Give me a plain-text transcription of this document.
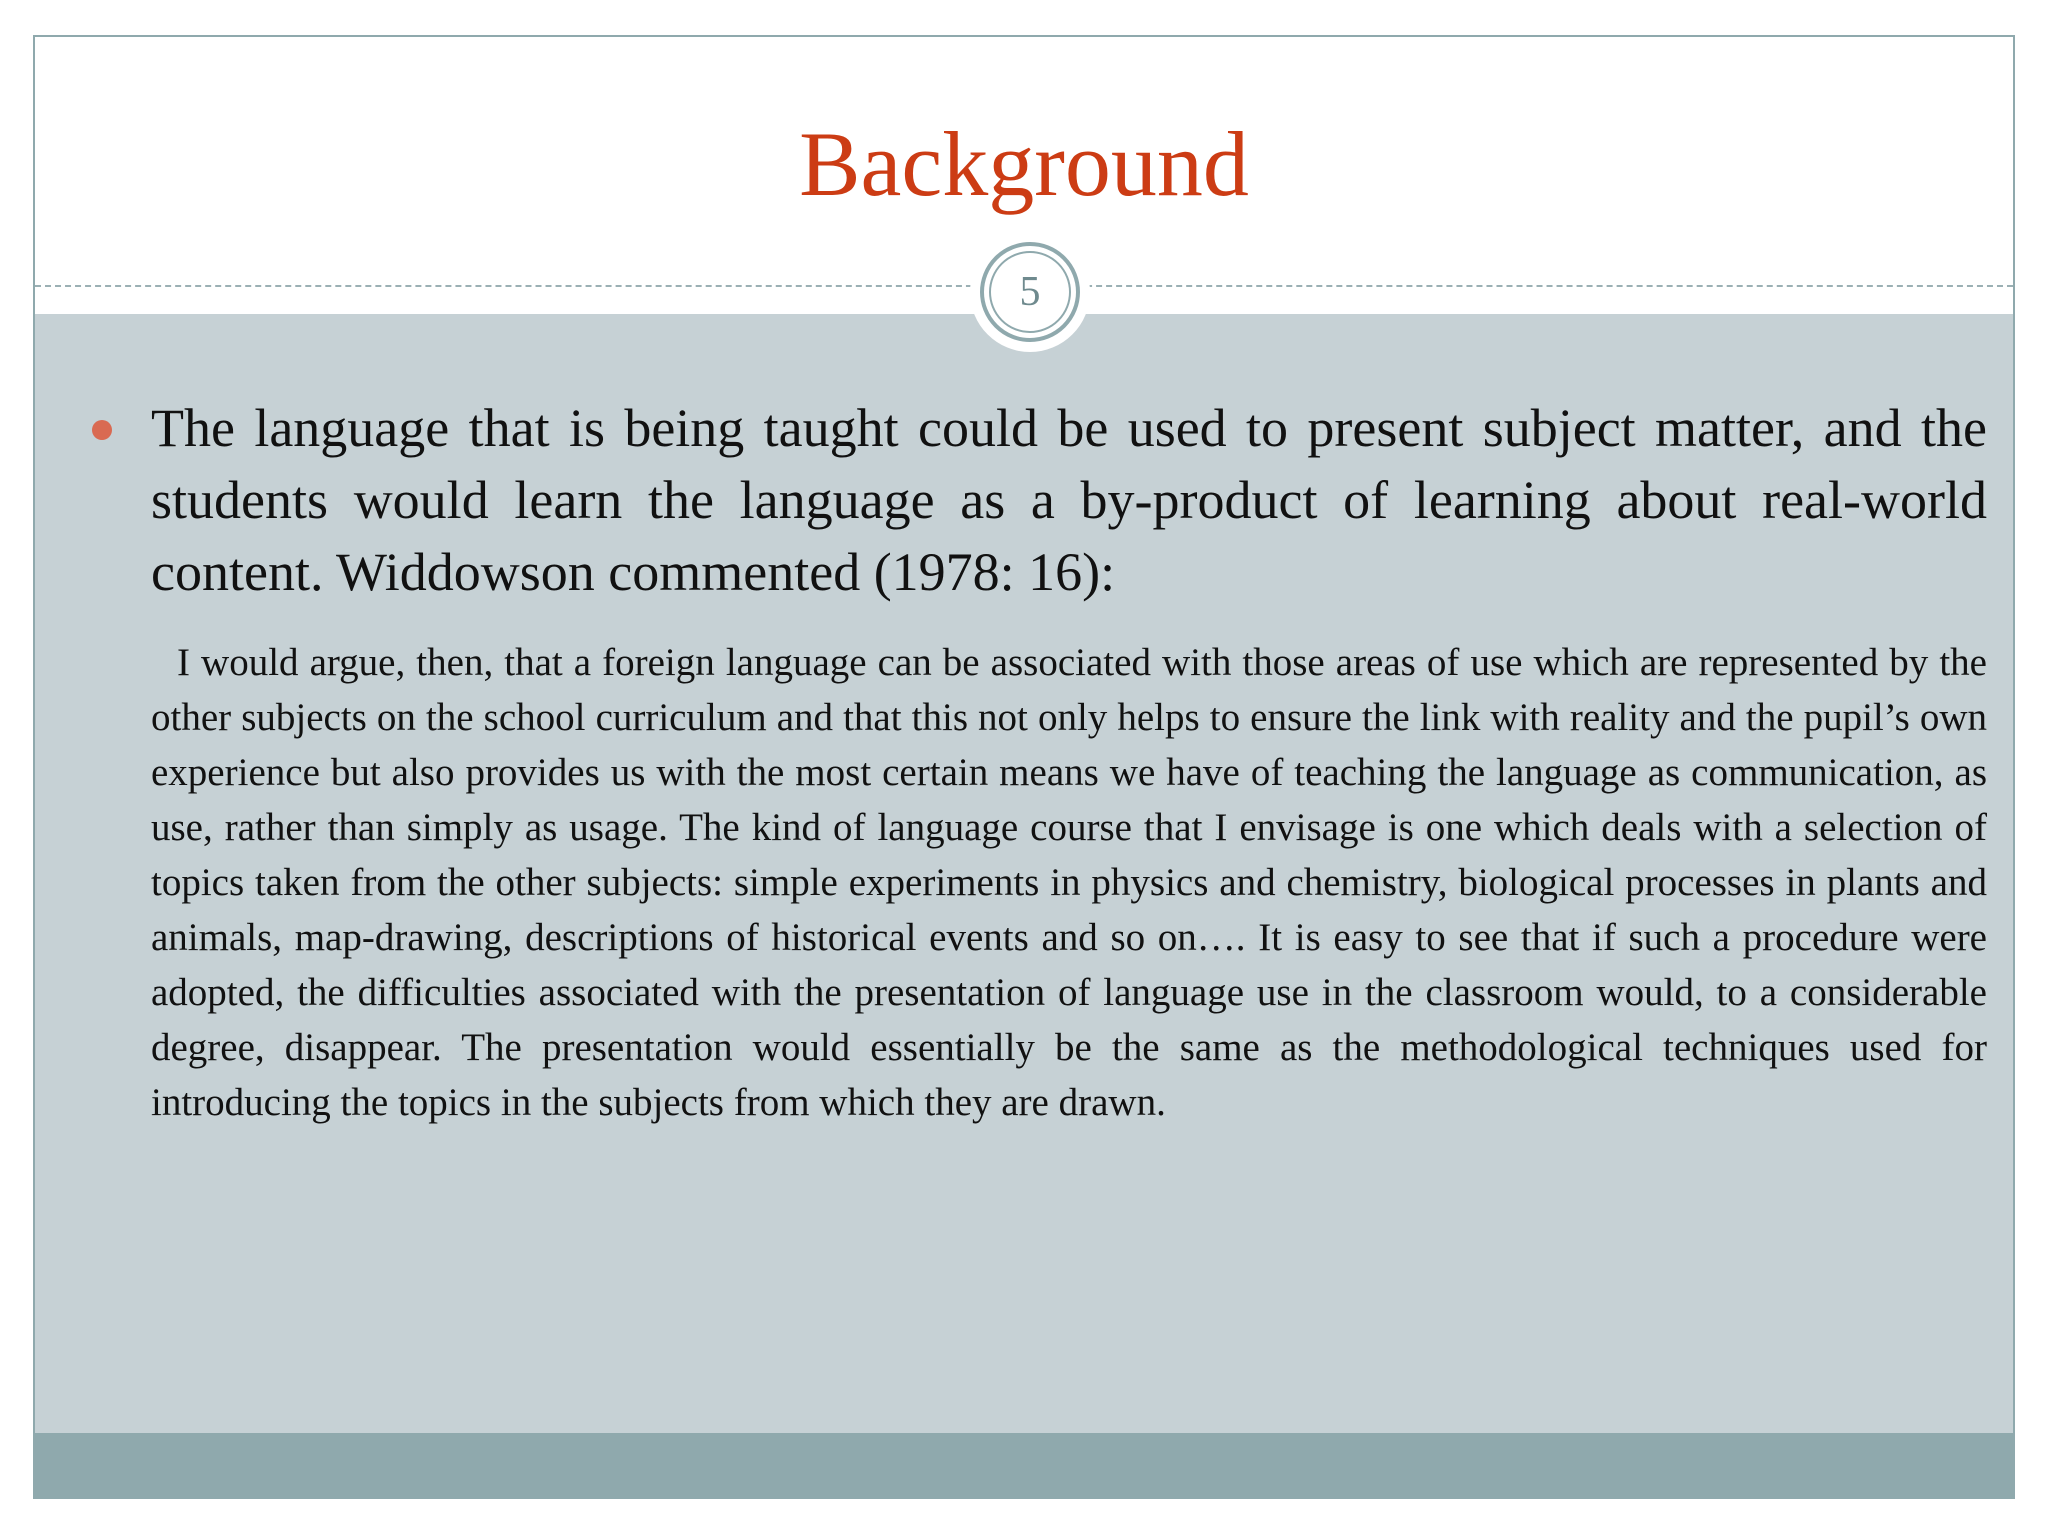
Background
5

The language that is being taught could be used to present subject matter, and the students would learn the language as a by-product of learning about real-world content. Widdowson commented (1978: 16):

I would argue, then, that a foreign language can be associated with those areas of use which are represented by the other subjects on the school curriculum and that this not only helps to ensure the link with reality and the pupil’s own experience but also provides us with the most certain means we have of teaching the language as communication, as use, rather than simply as usage. The kind of language course that I envisage is one which deals with a selection of topics taken from the other subjects: simple experiments in physics and chemistry, biological processes in plants and animals, map-drawing, descriptions of historical events and so on…. It is easy to see that if such a procedure were adopted, the difficulties associated with the presentation of language use in the classroom would, to a considerable degree, disappear. The presentation would essentially be the same as the methodological techniques used for introducing the topics in the subjects from which they are drawn.
